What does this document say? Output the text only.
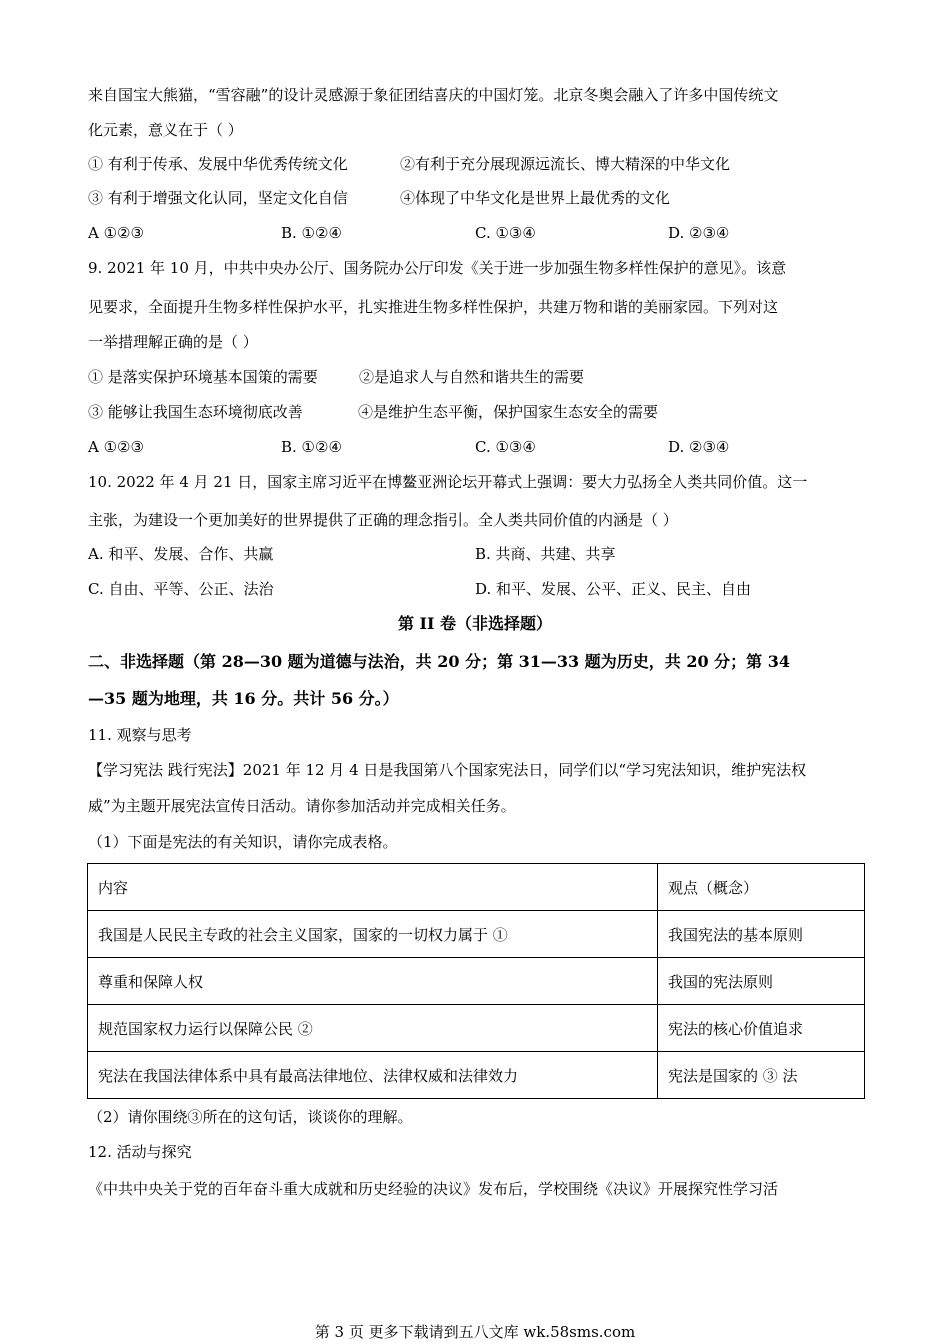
来自国宝大熊猫，“雪容融”的设计灵感源于象征团结喜庆的中国灯笼。北京冬奥会融入了许多中国传统文
化元素，意义在于（ ）
① 有利于传承、发展中华优秀传统文化	②有利于充分展现源远流长、博大精深的中华文化
③ 有利于增强文化认同，坚定文化自信	④体现了中华文化是世界上最优秀的文化
A ①②③	B. ①②④	C. ①③④	D. ②③④
9. 2021 年 10 月，中共中央办公厅、国务院办公厅印发《关于进一步加强生物多样性保护的意见》。该意
见要求，全面提升生物多样性保护水平，扎实推进生物多样性保护，共建万物和谐的美丽家园。下列对这
一举措理解正确的是（ ）
① 是落实保护环境基本国策的需要	②是追求人与自然和谐共生的需要
③ 能够让我国生态环境彻底改善	④是维护生态平衡，保护国家生态安全的需要
A ①②③	B. ①②④	C. ①③④	D. ②③④
10. 2022 年 4 月 21 日，国家主席习近平在博鳌亚洲论坛开幕式上强调：要大力弘扬全人类共同价值。这一
主张，为建设一个更加美好的世界提供了正确的理念指引。全人类共同价值的内涵是（ ）
A. 和平、发展、合作、共赢	B. 共商、共建、共享
C. 自由、平等、公正、法治	D. 和平、发展、公平、正义、民主、自由
第 II 卷（非选择题）
二、非选择题（第 28—30 题为道德与法治，共 20 分；第 31—33 题为历史，共 20 分；第 34
—35 题为地理，共 16 分。共计 56 分。）
11. 观察与思考
【学习宪法 践行宪法】2021 年 12 月 4 日是我国第八个国家宪法日，同学们以“学习宪法知识，维护宪法权
威”为主题开展宪法宣传日活动。请你参加活动并完成相关任务。
（1）下面是宪法的有关知识，请你完成表格。
内容	观点（概念）
我国是人民民主专政的社会主义国家，国家的一切权力属于 ①	我国宪法的基本原则
尊重和保障人权	我国的宪法原则
规范国家权力运行以保障公民 ②	宪法的核心价值追求
宪法在我国法律体系中具有最高法律地位、法律权威和法律效力	宪法是国家的 ③ 法
（2）请你围绕③所在的这句话，谈谈你的理解。
12. 活动与探究
《中共中央关于党的百年奋斗重大成就和历史经验的决议》发布后，学校围绕《决议》开展探究性学习活
第 3 页 更多下载请到五八文库 wk.58sms.com
